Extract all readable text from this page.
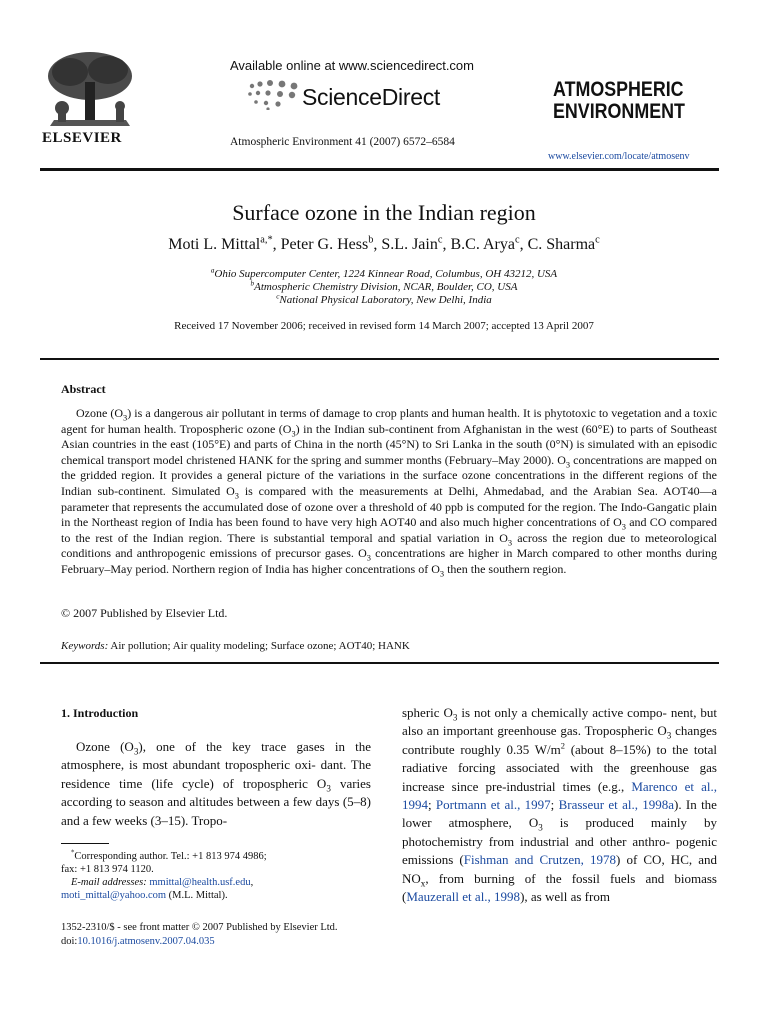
ELSEVIER
Available online at www.sciencedirect.com
ScienceDirect
Atmospheric Environment 41 (2007) 6572–6584
ATMOSPHERIC
ENVIRONMENT
www.elsevier.com/locate/atmosenv
Surface ozone in the Indian region
Moti L. Mittal$^{a,*}$, Peter G. Hess$^b$, S.L. Jain$^c$, B.C. Arya$^c$, C. Sharma$^c$
$^a$Ohio Supercomputer Center, 1224 Kinnear Road, Columbus, OH 43212, USA
$^b$Atmospheric Chemistry Division, NCAR, Boulder, CO, USA
$^c$National Physical Laboratory, New Delhi, India
Received 17 November 2006; received in revised form 14 March 2007; accepted 13 April 2007
Abstract

Ozone $(O_3)$ is a dangerous air pollutant in terms of damage to crop plants and human health. It is phytotoxic to vegetation and a toxic agent for human health. Tropospheric ozone $(O_3)$ in the Indian sub-continent from Afghanistan in the west (60°E) to parts of Southeast Asian countries in the east (105°E) and parts of China in the north (45°N) to Sri Lanka in the south (0°N) is simulated with an episodic chemical transport model christened HANK for the spring and summer months (February–May 2000). $O_3$ concentrations are mapped on the gridded region. It provides a general picture of the variations in the surface ozone concentrations in the different regions of the Indian sub-continent. Simulated $O_3$ is compared with the measurements at Delhi, Ahmedabad, and the Arabian Sea. AOT40—a parameter that represents the accumulated dose of ozone over a threshold of 40 ppb is computed for the region. The Indo-Gangatic plain in the Northeast region of India has been found to have very high AOT40 and also much higher concentrations of $O_3$ and CO compared to the rest of the Indian region. There is substantial temporal and spatial variation in $O_3$ across the region due to meteorological conditions and anthropogenic emissions of precursor gases. $O_3$ concentrations are higher in March compared to other months during February–May period. Northern region of India has higher concentrations of $O_3$ then the southern region.

© 2007 Published by Elsevier Ltd.
Keywords: Air pollution; Air quality modeling; Surface ozone; AOT40; HANK
1. Introduction

Ozone $(O_3)$, one of the key trace gases in the atmosphere, is most abundant tropospheric oxi- dant. The residence time (life cycle) of tropospheric $O_3$ varies according to season and altitudes between a few days (5–8) and a few weeks (3–15). Tropo-

*Corresponding author. Tel.: +1 813 974 4986;
fax: +1 813 974 1120.
E-mail addresses: mmittal@health.usf.edu,
moti_mittal@yahoo.com (M.L. Mittal).
1352-2310/$ - see front matter © 2007 Published by Elsevier Ltd.
doi:10.1016/j.atmosenv.2007.04.035

spheric $O_3$ is not only a chemically active compo- nent, but also an important greenhouse gas. Tropospheric $O_3$ changes contribute roughly 0.35 $W/m^2$ (about 8–15%) to the total radiative forcing associated with the greenhouse gas increase since pre-industrial times (e.g., Marenco et al., 1994; Portmann et al., 1997; Brasseur et al., 1998a). In the lower atmosphere, $O_3$ is produced mainly by photochemistry from industrial and other anthro- pogenic emissions (Fishman and Crutzen, 1978) of CO, HC, and $NO_x$, from burning of the fossil fuels and biomass (Mauzerall et al., 1998), as well as from
